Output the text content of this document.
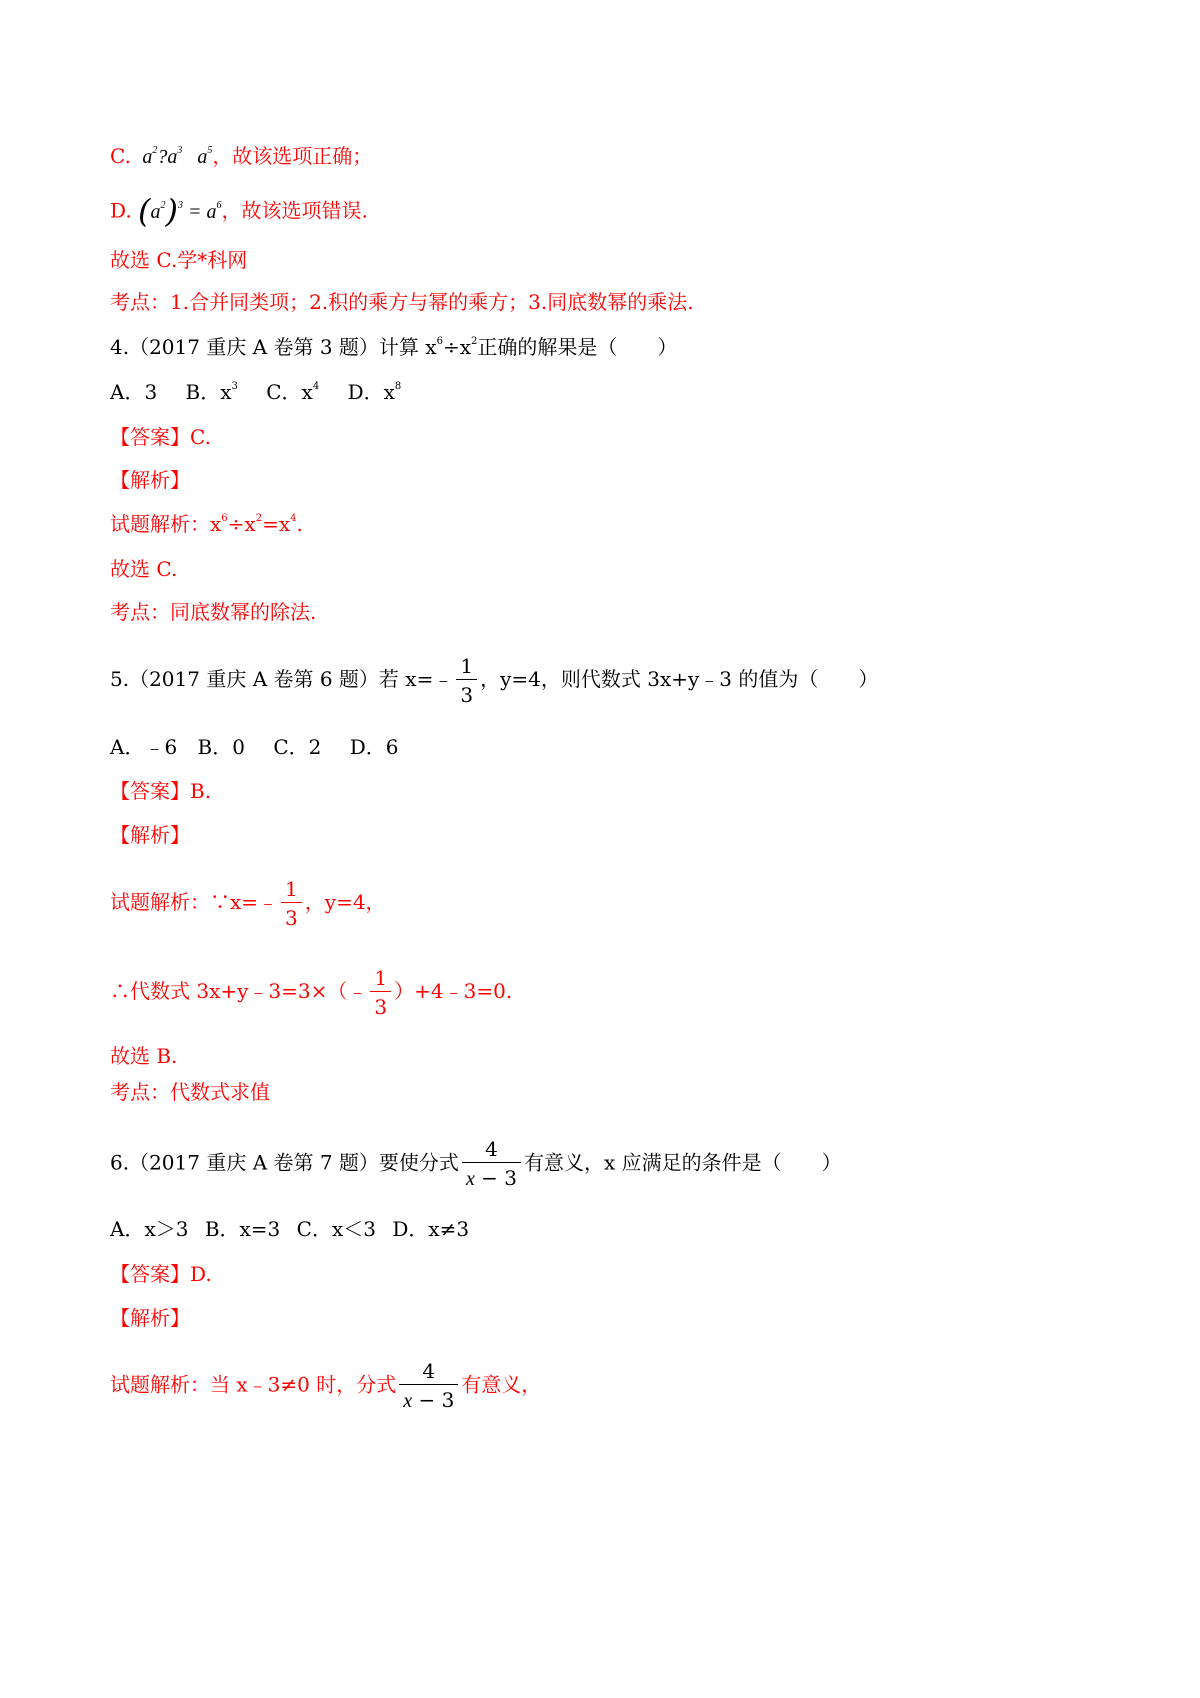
C.  $a^2?a^3$   $a^5$，故该选项正确；
D. $(a^2)^3 = a^6$，故该选项错误.
故选 C.学*科网
考点：1.合并同类项；2.积的乘方与幂的乘方；3.同底数幂的乘法.
4.（2017 重庆 A 卷第 3 题）计算 $x^6\div x^2$正确的解果是（　　）
A．3 B．$x^3$ C．$x^4$ D．$x^8$
【答案】C.
【解析】
试题解析：$x^6\div x^2=x^4$.
故选 C.
考点：同底数幂的除法.
5.（2017 重庆 A 卷第 6 题）若 x=﹣ $\frac{1}{3}$ ，y=4，则代数式 3x+y﹣3 的值为（　　）
A．﹣6 B．0 C．2 D．6
【答案】B.
【解析】
试题解析：∵x=﹣ $\frac{1}{3}$ ，y=4，
∴代数式 3x+y﹣3=3×（﹣ $\frac{1}{3}$ ）+4﹣3=0.
故选 B.
考点：代数式求值
6.（2017 重庆 A 卷第 7 题）要使分式 $\frac{4}{x - 3}$ 有意义，x 应满足的条件是（　　）
A．x＞3 B．x=3 C．x＜3 D．x≠3
【答案】D.
【解析】
试题解析：当 x﹣3≠0 时，分式 $\frac{4}{x - 3}$ 有意义，
